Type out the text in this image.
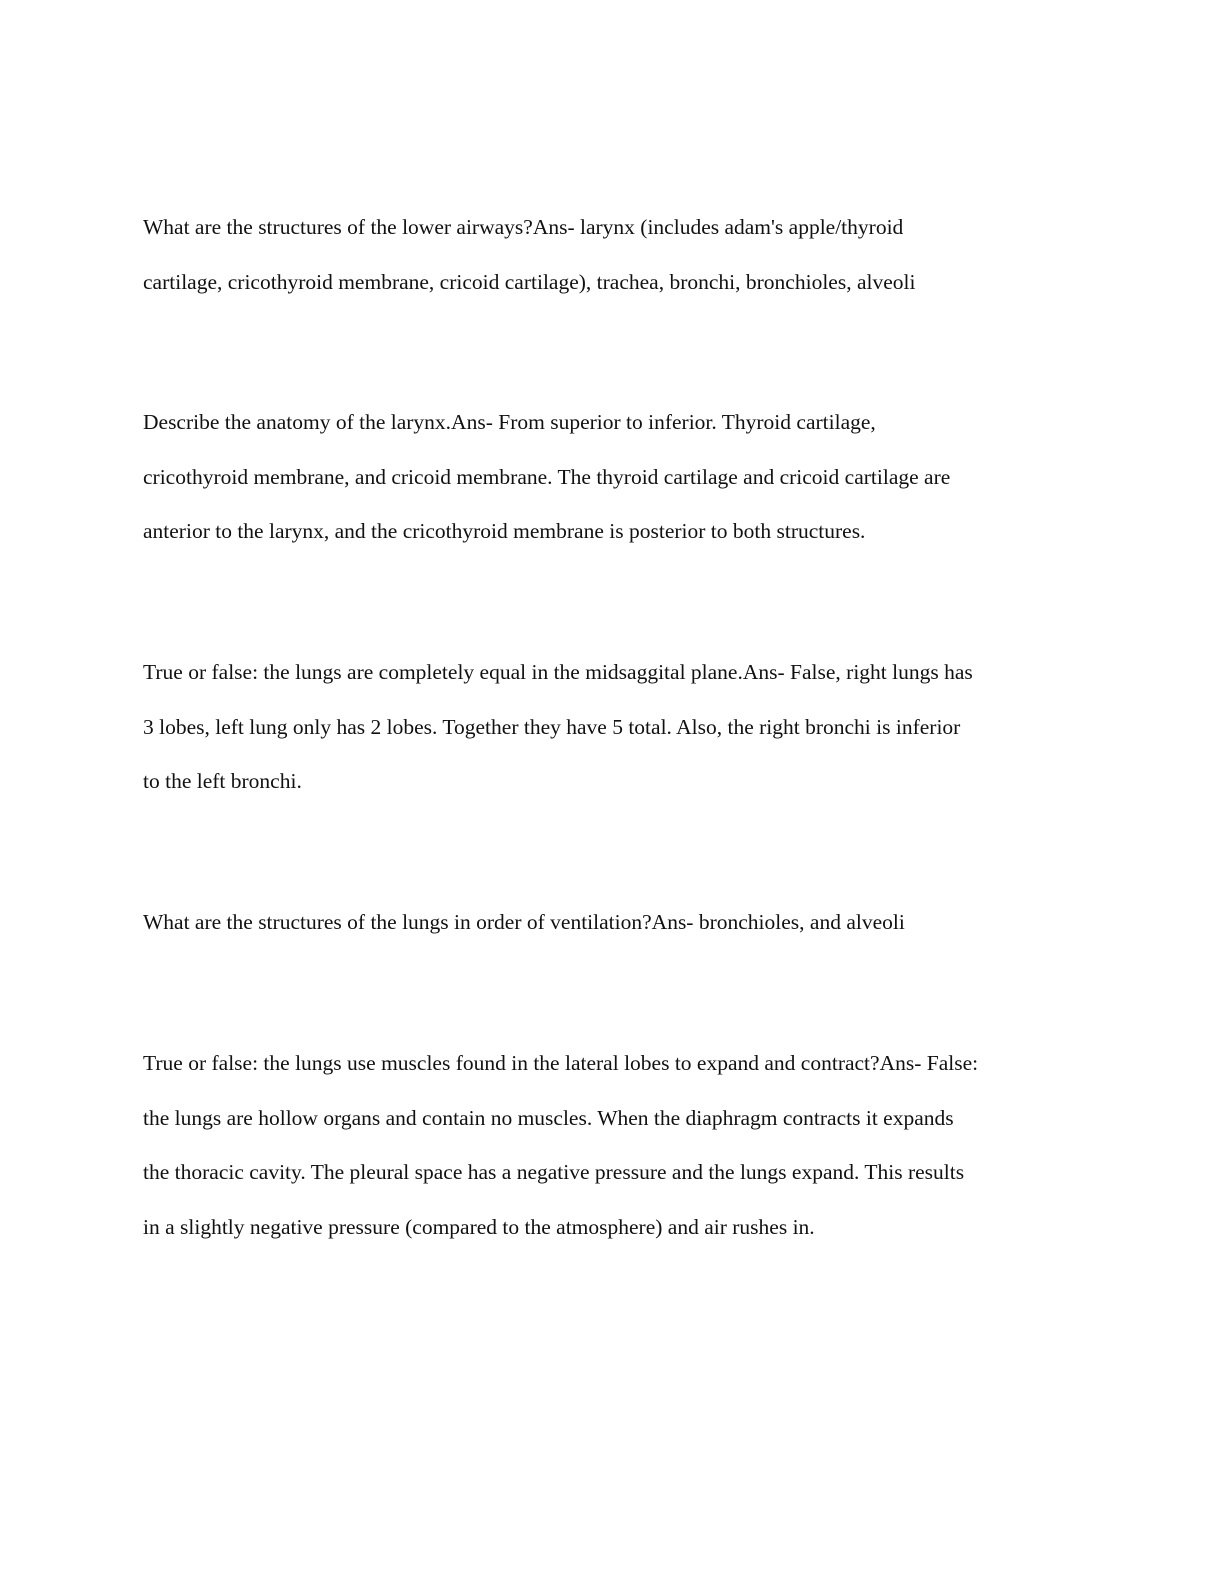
What are the structures of the lower airways?Ans- larynx (includes adam's apple/thyroid
cartilage, cricothyroid membrane, cricoid cartilage), trachea, bronchi, bronchioles, alveoli

Describe the anatomy of the larynx.Ans- From superior to inferior. Thyroid cartilage,
cricothyroid membrane, and cricoid membrane. The thyroid cartilage and cricoid cartilage are
anterior to the larynx, and the cricothyroid membrane is posterior to both structures.

True or false: the lungs are completely equal in the midsaggital plane.Ans- False, right lungs has
3 lobes, left lung only has 2 lobes. Together they have 5 total. Also, the right bronchi is inferior
to the left bronchi.

What are the structures of the lungs in order of ventilation?Ans- bronchioles, and alveoli

True or false: the lungs use muscles found in the lateral lobes to expand and contract?Ans- False:
the lungs are hollow organs and contain no muscles. When the diaphragm contracts it expands
the thoracic cavity. The pleural space has a negative pressure and the lungs expand. This results
in a slightly negative pressure (compared to the atmosphere) and air rushes in.
